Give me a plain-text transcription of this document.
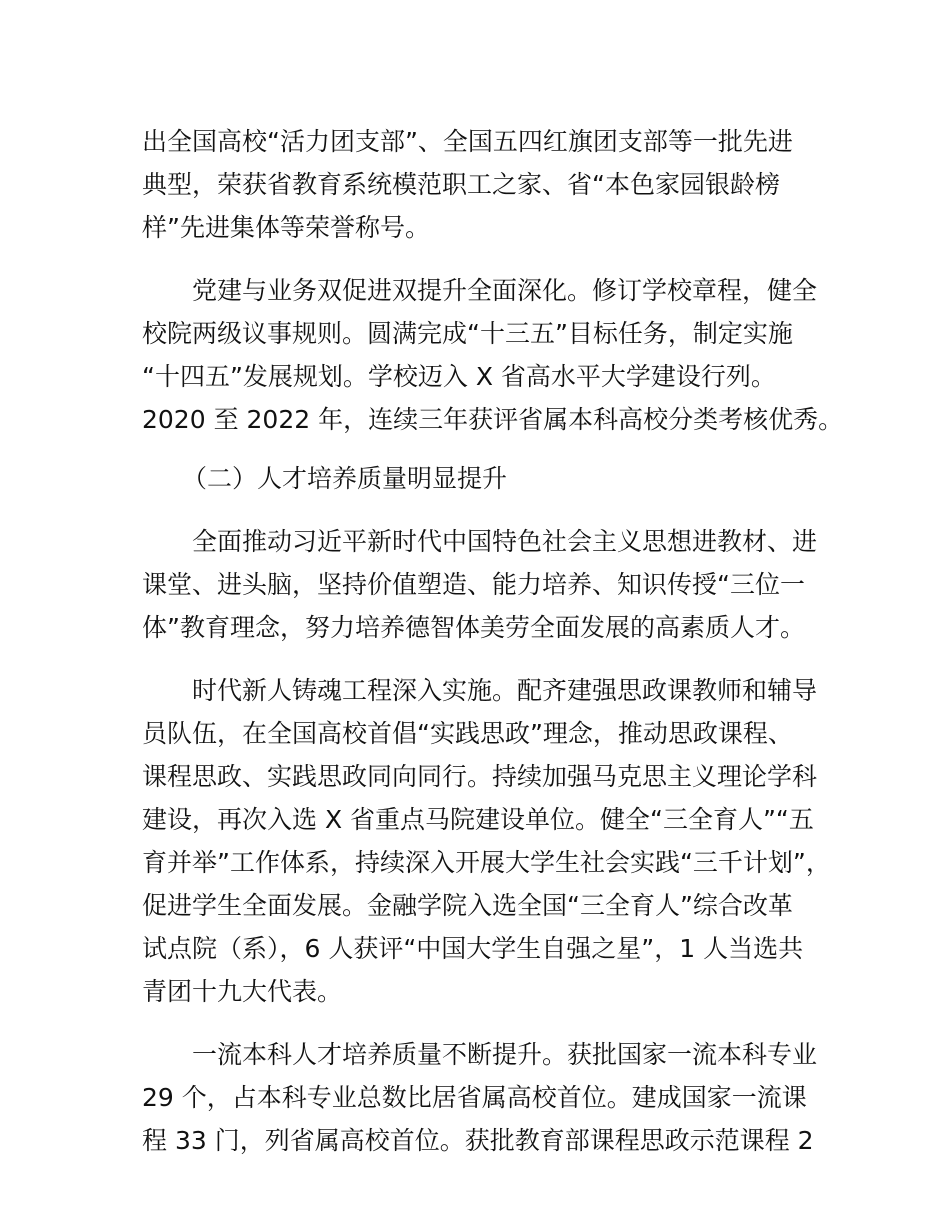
出全国高校“活力团支部”、全国五四红旗团支部等一批先进
典型，荣获省教育系统模范职工之家、省“本色家园银龄榜
样”先进集体等荣誉称号。
党建与业务双促进双提升全面深化。修订学校章程，健全
校院两级议事规则。圆满完成“十三五”目标任务，制定实施
“十四五”发展规划。学校迈入 X 省高水平大学建设行列。
2020 至 2022 年，连续三年获评省属本科高校分类考核优秀。
（二）人才培养质量明显提升
全面推动习近平新时代中国特色社会主义思想进教材、进
课堂、进头脑，坚持价值塑造、能力培养、知识传授“三位一
体”教育理念，努力培养德智体美劳全面发展的高素质人才。
时代新人铸魂工程深入实施。配齐建强思政课教师和辅导
员队伍，在全国高校首倡“实践思政”理念，推动思政课程、
课程思政、实践思政同向同行。持续加强马克思主义理论学科
建设，再次入选 X 省重点马院建设单位。健全“三全育人”“五
育并举”工作体系，持续深入开展大学生社会实践“三千计划”，
促进学生全面发展。金融学院入选全国“三全育人”综合改革
试点院（系），6 人获评“中国大学生自强之星”，1 人当选共
青团十九大代表。
一流本科人才培养质量不断提升。获批国家一流本科专业
29 个，占本科专业总数比居省属高校首位。建成国家一流课
程 33 门，列省属高校首位。获批教育部课程思政示范课程 2
